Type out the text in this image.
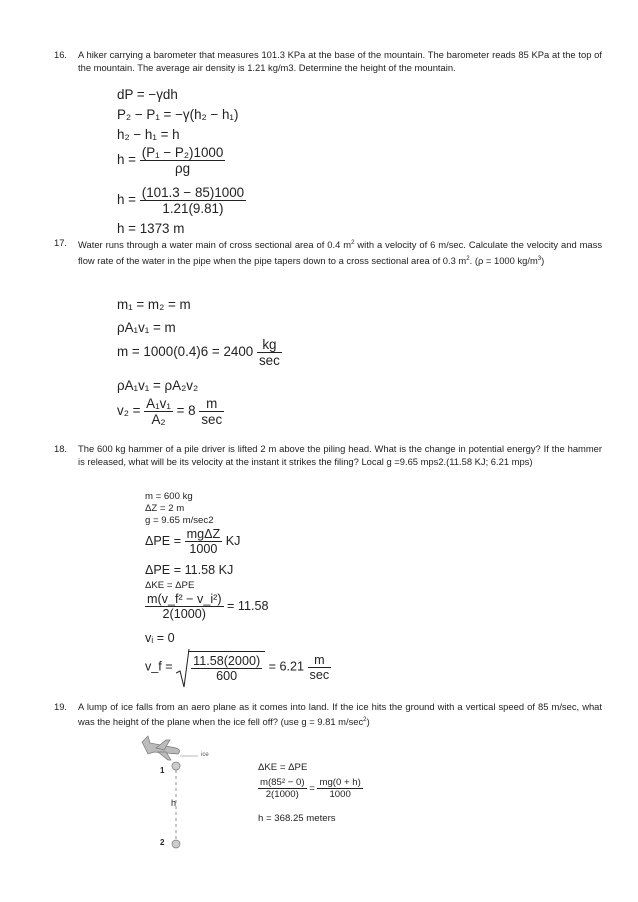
16. A hiker carrying a barometer that measures 101.3 KPa at the base of the mountain. The barometer reads 85 KPa at the top of the mountain. The average air density is 1.21 kg/m3. Determine the height of the mountain.
dP = −γdh
P₂ − P₁ = −γ(h₂ − h₁)
h₂ − h₁ = h
$h = \frac{\text{(P₁ − P₂)1000}}{\rho g}$
$h = \frac{(101.3 - 85)1000}{1.21(9.81)}$
h = 1373 m
17. Water runs through a water main of cross sectional area of 0.4 $m^2$ with a velocity of 6 m/sec. Calculate the velocity and mass flow rate of the water in the pipe when the pipe tapers down to a cross sectional area of 0.3 $m^2$. (ρ = 1000 $kg/m^3$)
m₁ = m₂ = m
ρA₁v₁ = m
$m = 1000(0.4)6 = 2400 \frac{kg}{\sec}$
ρA₁v₁ = ρA₂v₂
$v_2 = \frac{\text{A₁v₁}}{\text{A₂}} = 8 \frac{m}{\sec}$
18. The 600 kg hammer of a pile driver is lifted 2 m above the piling head. What is the change in potential energy? If the hammer is released, what will be its velocity at the instant it strikes the filing? Local g =9.65 mps2.(11.58 KJ; 6.21 mps)
m = 600 kg
ΔZ = 2 m
g = 9.65 m/sec2
$\Delta PE = \frac{\text{mgΔZ}}{1000}$ KJ
ΔPE = 11.58 KJ
ΔKE = ΔPE
$\frac{\text{m(v\_f² − v\_i²)}}{2(1000)} = 11.58$
vᵢ = 0
v_f = $\frac{11.58(2000)}{600} = 6.21 \frac{m}{\sec}$
19. A lump of ice falls from an aero plane as it comes into land. If the ice hits the ground with a vertical speed of 85 m/sec, what was the height of the plane when the ice fell off? (use g = 9.81 $m/\sec^2$)
ice
1
h
2
ΔKE = ΔPE
$\frac{\text{m(85² − 0)}}{2(1000)} = \frac{mg(0 + h)}{1000}$
h = 368.25 meters
